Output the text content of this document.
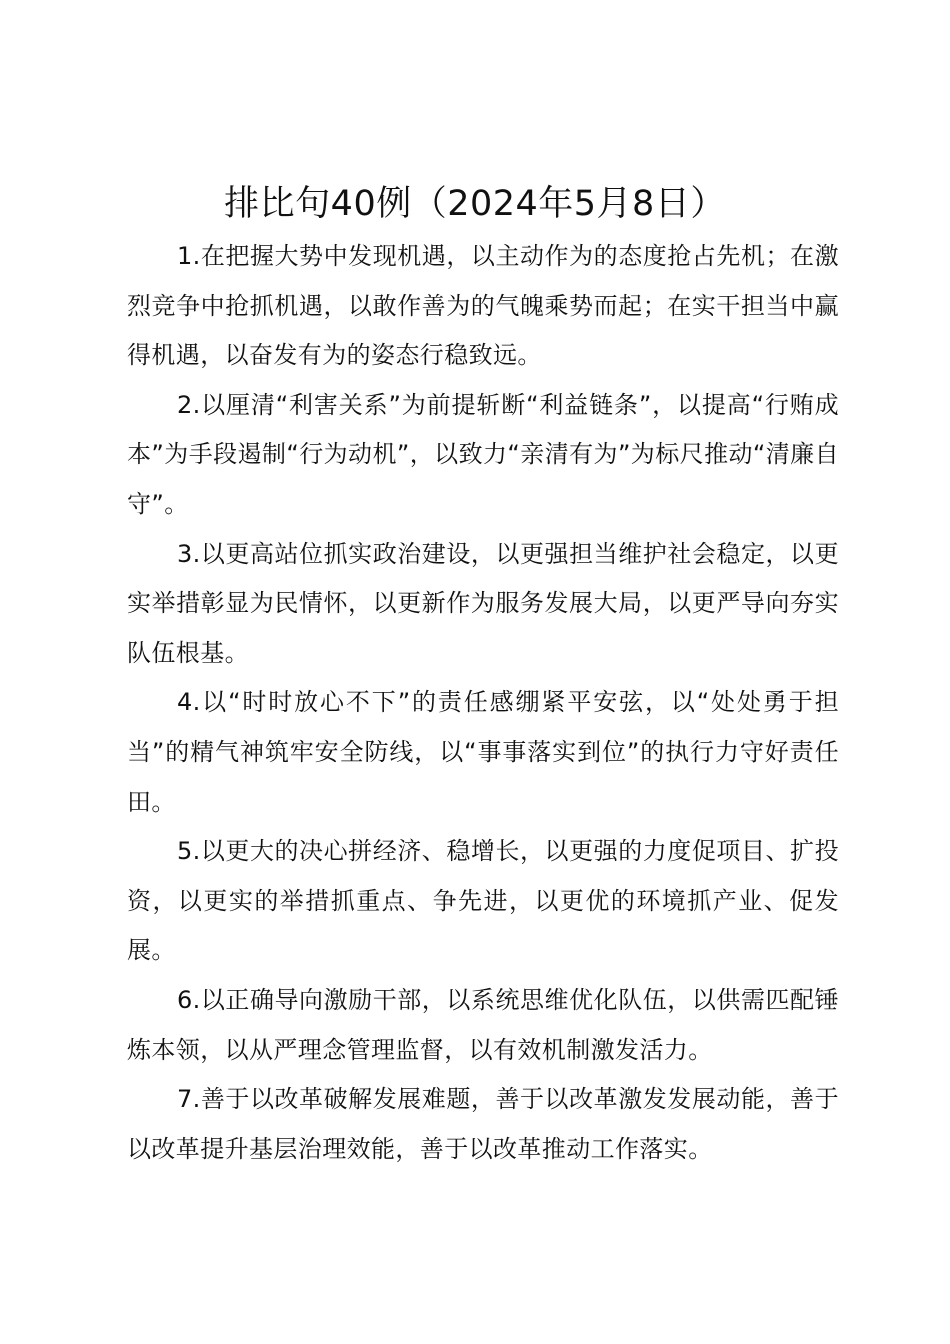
排比句40例（2024年5月8日）

1.在把握大势中发现机遇，以主动作为的态度抢占先机；在激烈竞争中抢抓机遇，以敢作善为的气魄乘势而起；在实干担当中赢得机遇，以奋发有为的姿态行稳致远。

2.以厘清“利害关系”为前提斩断“利益链条”，以提高“行贿成本”为手段遏制“行为动机”，以致力“亲清有为”为标尺推动“清廉自守”。

3.以更高站位抓实政治建设，以更强担当维护社会稳定，以更实举措彰显为民情怀，以更新作为服务发展大局，以更严导向夯实队伍根基。

4.以“时时放心不下”的责任感绷紧平安弦，以“处处勇于担当”的精气神筑牢安全防线，以“事事落实到位”的执行力守好责任田。

5.以更大的决心拼经济、稳增长，以更强的力度促项目、扩投资，以更实的举措抓重点、争先进，以更优的环境抓产业、促发展。

6.以正确导向激励干部，以系统思维优化队伍，以供需匹配锤炼本领，以从严理念管理监督，以有效机制激发活力。

7.善于以改革破解发展难题，善于以改革激发发展动能，善于以改革提升基层治理效能，善于以改革推动工作落实。
